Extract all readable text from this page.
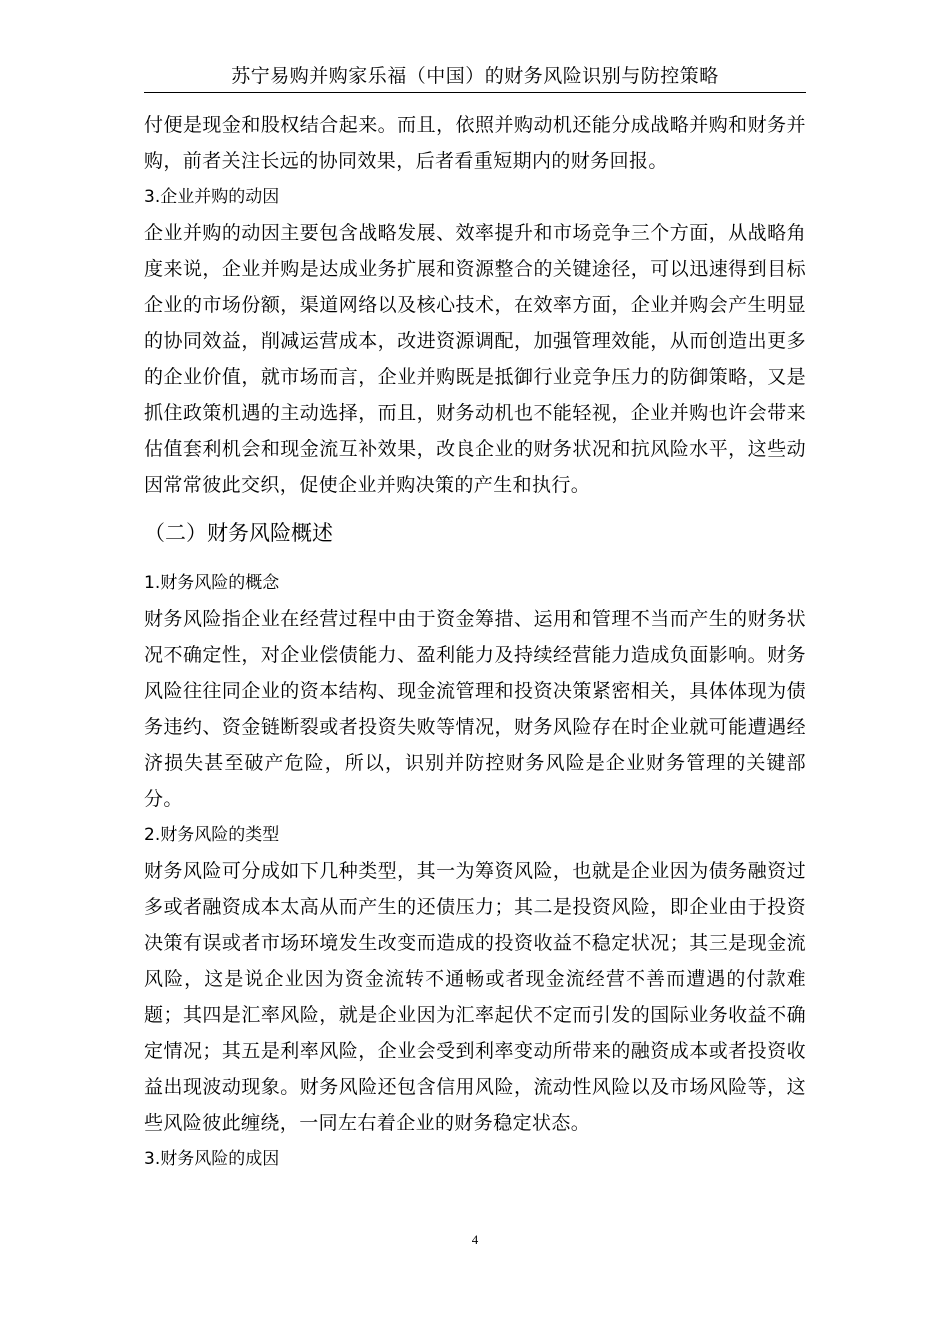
苏宁易购并购家乐福（中国）的财务风险识别与防控策略

付便是现金和股权结合起来。而且，依照并购动机还能分成战略并购和财务并购，前者关注长远的协同效果，后者看重短期内的财务回报。

3.企业并购的动因

企业并购的动因主要包含战略发展、效率提升和市场竞争三个方面，从战略角度来说，企业并购是达成业务扩展和资源整合的关键途径，可以迅速得到目标企业的市场份额，渠道网络以及核心技术，在效率方面，企业并购会产生明显的协同效益，削减运营成本，改进资源调配，加强管理效能，从而创造出更多的企业价值，就市场而言，企业并购既是抵御行业竞争压力的防御策略，又是抓住政策机遇的主动选择，而且，财务动机也不能轻视，企业并购也许会带来估值套利机会和现金流互补效果，改良企业的财务状况和抗风险水平，这些动因常常彼此交织，促使企业并购决策的产生和执行。

（二）财务风险概述

1.财务风险的概念

财务风险指企业在经营过程中由于资金筹措、运用和管理不当而产生的财务状况不确定性，对企业偿债能力、盈利能力及持续经营能力造成负面影响。财务风险往往同企业的资本结构、现金流管理和投资决策紧密相关，具体体现为债务违约、资金链断裂或者投资失败等情况，财务风险存在时企业就可能遭遇经济损失甚至破产危险，所以，识别并防控财务风险是企业财务管理的关键部分。

2.财务风险的类型

财务风险可分成如下几种类型，其一为筹资风险，也就是企业因为债务融资过多或者融资成本太高从而产生的还债压力；其二是投资风险，即企业由于投资决策有误或者市场环境发生改变而造成的投资收益不稳定状况；其三是现金流风险，这是说企业因为资金流转不通畅或者现金流经营不善而遭遇的付款难题；其四是汇率风险，就是企业因为汇率起伏不定而引发的国际业务收益不确定情况；其五是利率风险，企业会受到利率变动所带来的融资成本或者投资收益出现波动现象。财务风险还包含信用风险，流动性风险以及市场风险等，这些风险彼此缠绕，一同左右着企业的财务稳定状态。

3.财务风险的成因

4
